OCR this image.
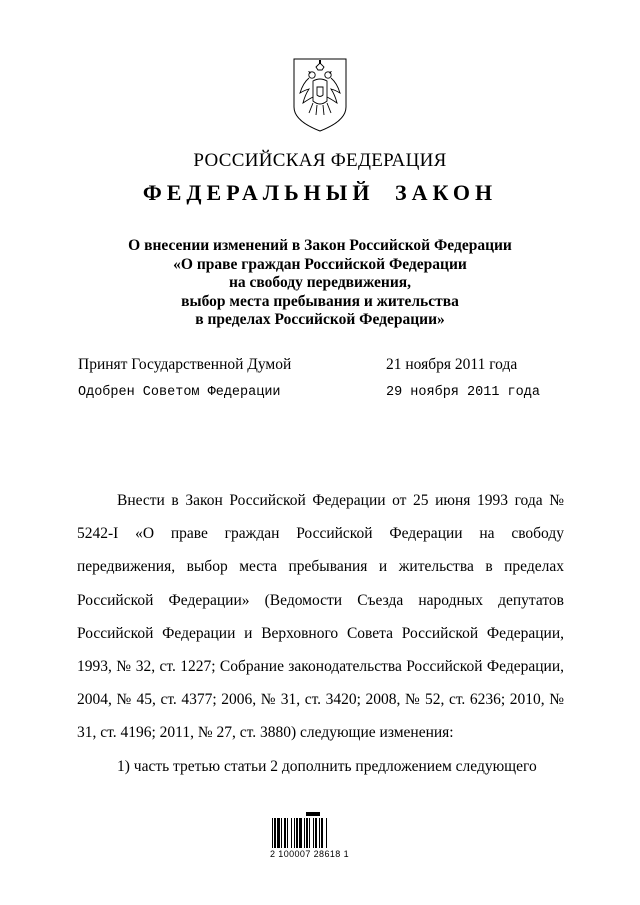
РОССИЙСКАЯ ФЕДЕРАЦИЯ
ФЕДЕРАЛЬНЫЙ ЗАКОН
О внесении изменений в Закон Российской Федерации
«О праве граждан Российской Федерации
на свободу передвижения,
выбор места пребывания и жительства
в пределах Российской Федерации»
Принят Государственной Думой	21 ноября 2011 года
Одобрен Советом Федерации	29 ноября 2011 года

Внести в Закон Российской Федерации от 25 июня 1993 года № 5242-I «О праве граждан Российской Федерации на свободу передвижения, выбор места пребывания и жительства в пределах Российской Федерации» (Ведомости Съезда народных депутатов Российской Федерации и Верховного Совета Российской Федерации, 1993, № 32, ст. 1227; Собрание законодательства Российской Федерации, 2004, № 45, ст. 4377; 2006, № 31, ст. 3420; 2008, № 52, ст. 6236; 2010, № 31, ст. 4196; 2011, № 27, ст. 3880) следующие изменения:

1) часть третью статьи 2 дополнить предложением следующего

2 100007 28618 1
